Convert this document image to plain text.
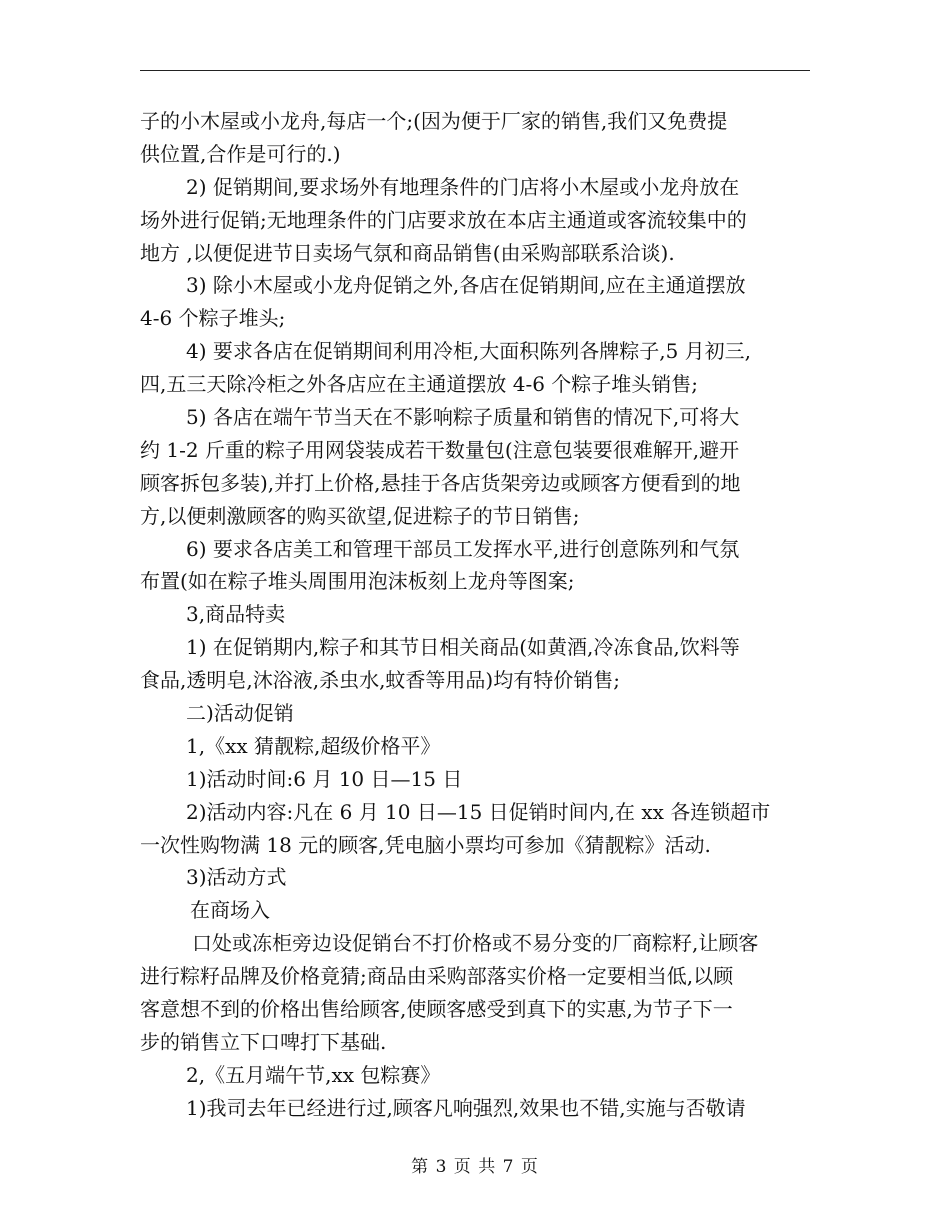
子的小木屋或小龙舟,每店一个;(因为便于厂家的销售,我们又免费提
供位置,合作是可行的.)
2) 促销期间,要求场外有地理条件的门店将小木屋或小龙舟放在
场外进行促销;无地理条件的门店要求放在本店主通道或客流较集中的
地方 ,以便促进节日卖场气氛和商品销售(由采购部联系洽谈).
3) 除小木屋或小龙舟促销之外,各店在促销期间,应在主通道摆放
4-6 个粽子堆头;
4) 要求各店在促销期间利用冷柜,大面积陈列各牌粽子,5 月初三,
四,五三天除冷柜之外各店应在主通道摆放 4-6 个粽子堆头销售;
5) 各店在端午节当天在不影响粽子质量和销售的情况下,可将大
约 1-2 斤重的粽子用网袋装成若干数量包(注意包装要很难解开,避开
顾客拆包多装),并打上价格,悬挂于各店货架旁边或顾客方便看到的地
方,以便刺激顾客的购买欲望,促进粽子的节日销售;
6) 要求各店美工和管理干部员工发挥水平,进行创意陈列和气氛
布置(如在粽子堆头周围用泡沫板刻上龙舟等图案;
3,商品特卖
1) 在促销期内,粽子和其节日相关商品(如黄酒,冷冻食品,饮料等
食品,透明皂,沐浴液,杀虫水,蚊香等用品)均有特价销售;
二)活动促销
1,《xx 猜靓粽,超级价格平》
1)活动时间:6 月 10 日—15 日
2)活动内容:凡在 6 月 10 日—15 日促销时间内,在 xx 各连锁超市
一次性购物满 18 元的顾客,凭电脑小票均可参加《猜靓粽》活动.
3)活动方式
在商场入
口处或冻柜旁边设促销台不打价格或不易分变的厂商粽籽,让顾客
进行粽籽品牌及价格竟猜;商品由采购部落实价格一定要相当低,以顾
客意想不到的价格出售给顾客,使顾客感受到真下的实惠,为节子下一
步的销售立下口啤打下基础.
2,《五月端午节,xx 包粽赛》
1)我司去年已经进行过,顾客凡响强烈,效果也不错,实施与否敬请
第 3 页 共 7 页
